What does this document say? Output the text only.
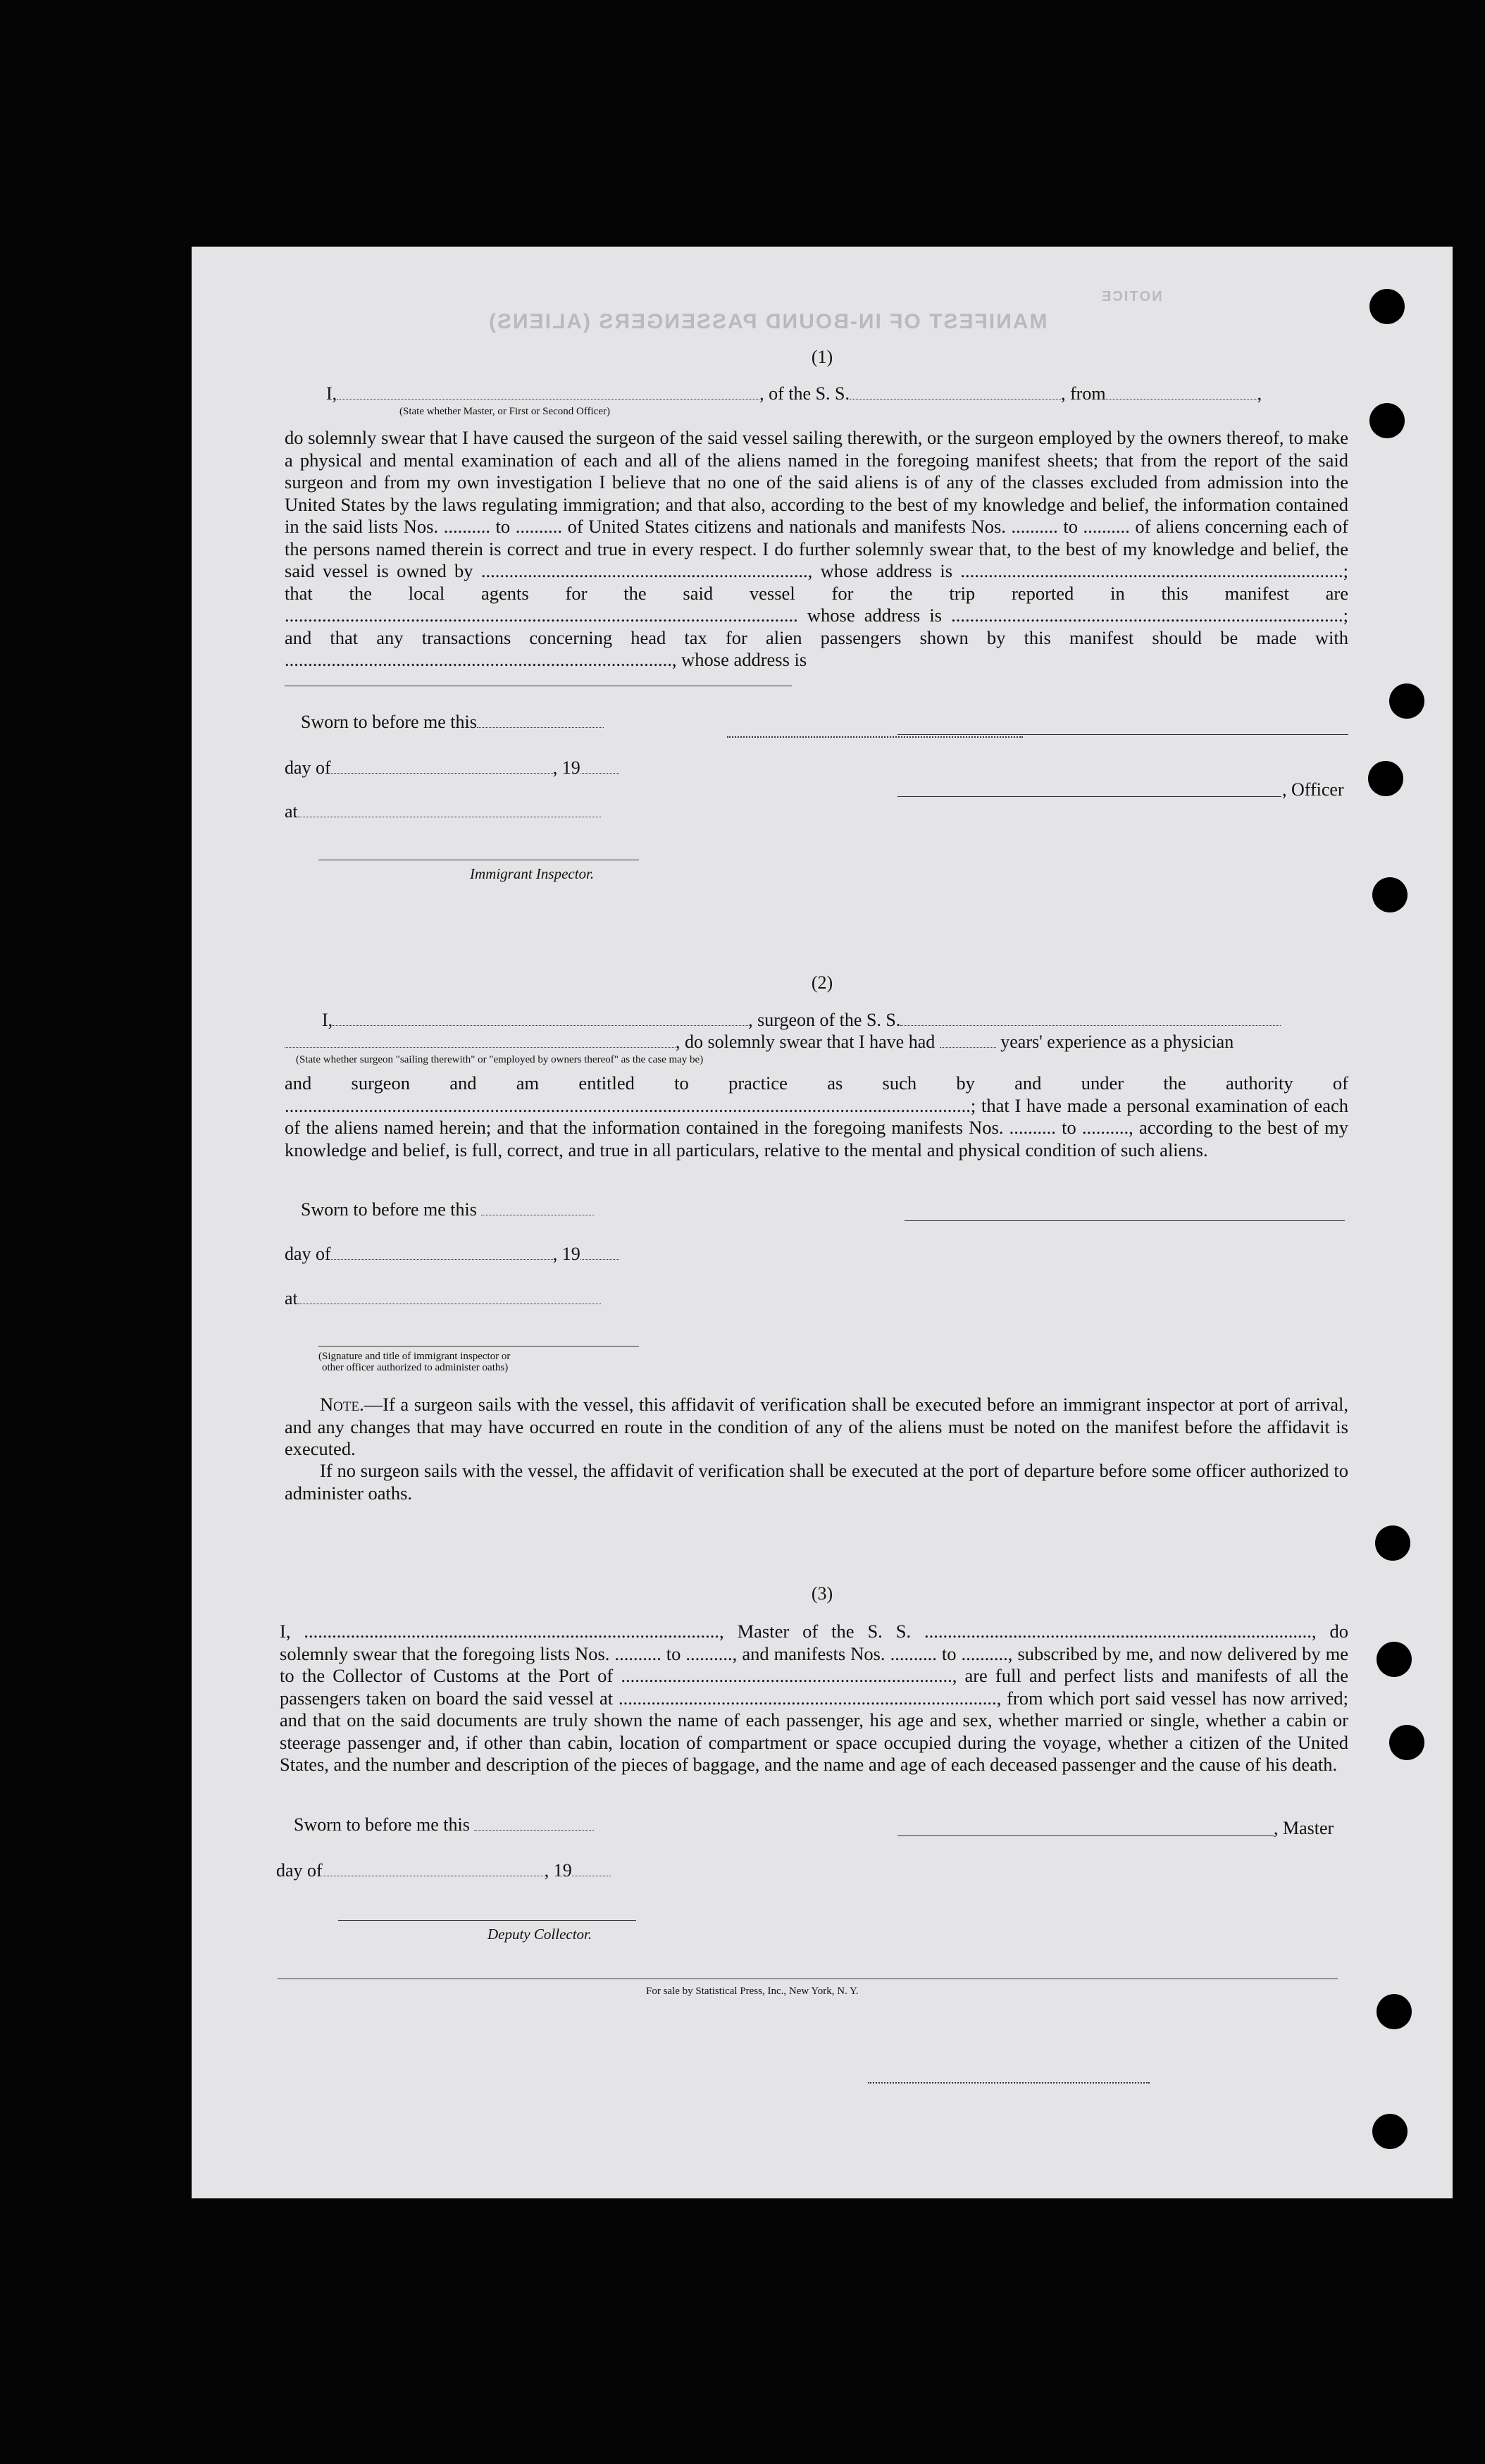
MANIFEST OF IN-BOUND PASSENGERS (ALIENS)
NOTICE
(1)
I,	, of the S. S.	, from	,
(State whether Master, or First or Second Officer)
do solemnly swear that I have caused the surgeon of the said vessel sailing therewith, or the surgeon employed by the owners thereof, to make a physical and mental examination of each and all of the aliens named in the foregoing manifest sheets; that from the report of the said surgeon and from my own investigation I believe that no one of the said aliens is of any of the classes excluded from admission into the United States by the laws regulating immigration; and that also, according to the best of my knowledge and belief, the information contained in the said lists Nos. .......... to .......... of United States citizens and nationals and manifests Nos. .......... to .......... of aliens concerning each of the persons named therein is correct and true in every respect. I do further solemnly swear that, to the best of my knowledge and belief, the said vessel is owned by ......................................................................, whose address is ..................................................................................; that the local agents for the said vessel for the trip reported in this manifest are .............................................................................................................. whose address is ....................................................................................; and that any transactions concerning head tax for alien passengers shown by this manifest should be made with ..................................................................................., whose address is
Sworn to before me this
day of	, 19
, Officer
at
Immigrant Inspector.
(2)
I,	, surgeon of the S. S.
, do solemnly swear that I have had	years' experience as a physician
(State whether surgeon "sailing therewith" or "employed by owners thereof" as the case may be)
and surgeon and am entitled to practice as such by and under the authority of ...................................................................................................................................................; that I have made a personal examination of each of the aliens named herein; and that the information contained in the foregoing manifests Nos. .......... to .........., according to the best of my knowledge and belief, is full, correct, and true in all particulars, relative to the mental and physical condition of such aliens.
Sworn to before me this
day of	, 19
at
(Signature and title of immigrant inspector or
other officer authorized to administer oaths)
Note.—If a surgeon sails with the vessel, this affidavit of verification shall be executed before an immigrant inspector at port of arrival, and any changes that may have occurred en route in the condition of any of the aliens must be noted on the manifest before the affidavit is executed.
If no surgeon sails with the vessel, the affidavit of verification shall be executed at the port of departure before some officer authorized to administer oaths.
(3)
I, ........................................................................................., Master of the S. S. ..................................................................................., do solemnly swear that the foregoing lists Nos. .......... to .........., and manifests Nos. .......... to .........., subscribed by me, and now delivered by me to the Collector of Customs at the Port of ......................................................................., are full and perfect lists and manifests of all the passengers taken on board the said vessel at ................................................................................., from which port said vessel has now arrived; and that on the said documents are truly shown the name of each passenger, his age and sex, whether married or single, whether a cabin or steerage passenger and, if other than cabin, location of compartment or space occupied during the voyage, whether a citizen of the United States, and the number and description of the pieces of baggage, and the name and age of each deceased passenger and the cause of his death.
Sworn to before me this	, Master
day of	, 19
Deputy Collector.
For sale by Statistical Press, Inc., New York, N. Y.
